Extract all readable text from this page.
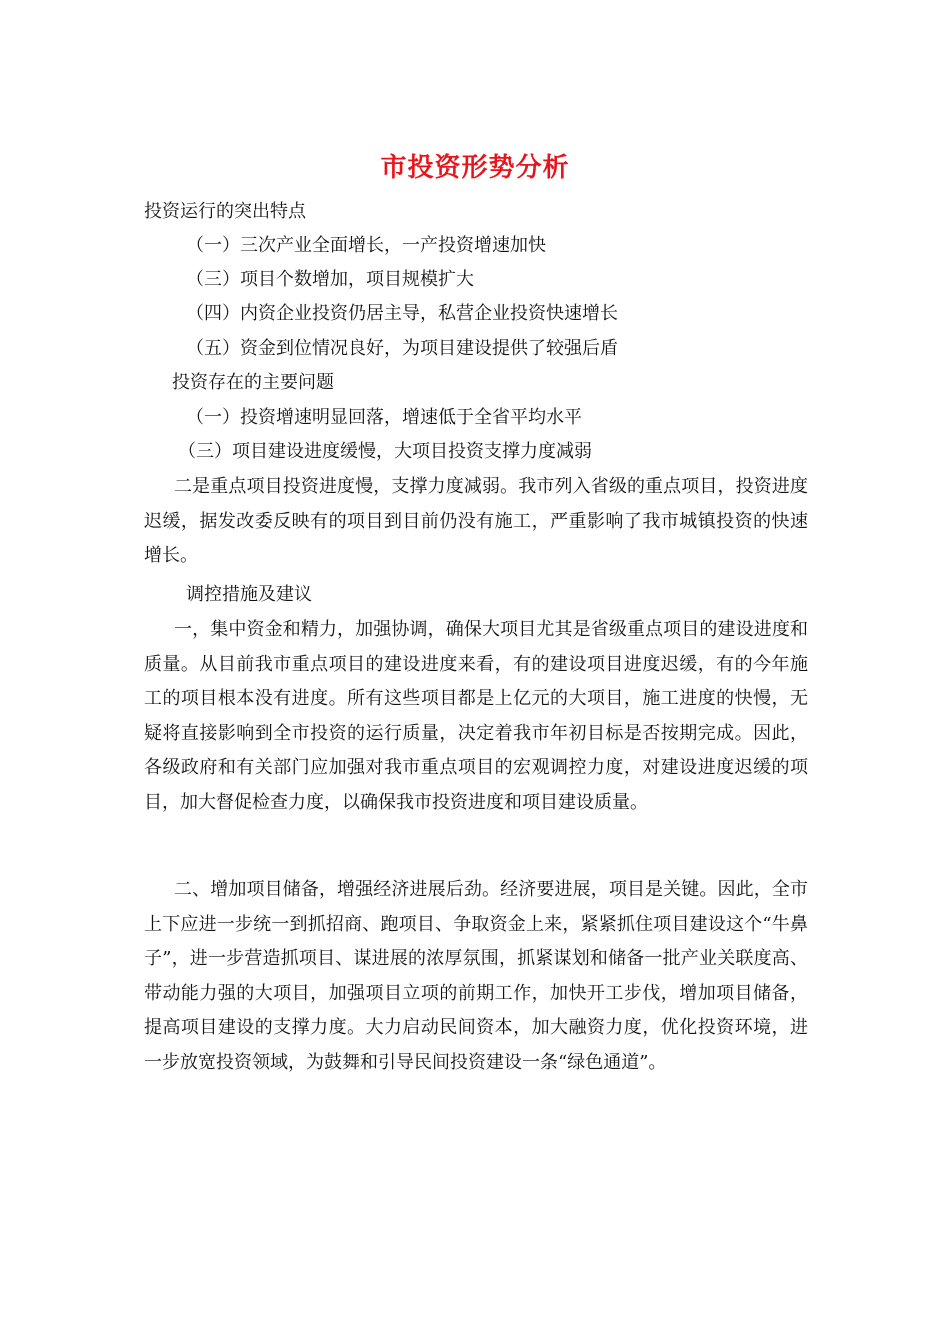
市投资形势分析

投资运行的突出特点

（一）三次产业全面增长，一产投资增速加快

（三）项目个数增加，项目规模扩大

（四）内资企业投资仍居主导，私营企业投资快速增长

（五）资金到位情况良好，为项目建设提供了较强后盾

投资存在的主要问题

（一）投资增速明显回落，增速低于全省平均水平

（三）项目建设进度缓慢，大项目投资支撑力度减弱

二是重点项目投资进度慢，支撑力度减弱。我市列入省级的重点项目，投资进度迟缓，据发改委反映有的项目到目前仍没有施工，严重影响了我市城镇投资的快速增长。

调控措施及建议

一，集中资金和精力，加强协调，确保大项目尤其是省级重点项目的建设进度和质量。从目前我市重点项目的建设进度来看，有的建设项目进度迟缓，有的今年施工的项目根本没有进度。所有这些项目都是上亿元的大项目，施工进度的快慢，无疑将直接影响到全市投资的运行质量，决定着我市年初目标是否按期完成。因此，各级政府和有关部门应加强对我市重点项目的宏观调控力度，对建设进度迟缓的项目，加大督促检查力度，以确保我市投资进度和项目建设质量。

二、增加项目储备，增强经济进展后劲。经济要进展，项目是关键。因此，全市上下应进一步统一到抓招商、跑项目、争取资金上来，紧紧抓住项目建设这个“牛鼻子”，进一步营造抓项目、谋进展的浓厚氛围，抓紧谋划和储备一批产业关联度高、带动能力强的大项目，加强项目立项的前期工作，加快开工步伐，增加项目储备，提高项目建设的支撑力度。大力启动民间资本，加大融资力度，优化投资环境，进一步放宽投资领域，为鼓舞和引导民间投资建设一条“绿色通道”。
